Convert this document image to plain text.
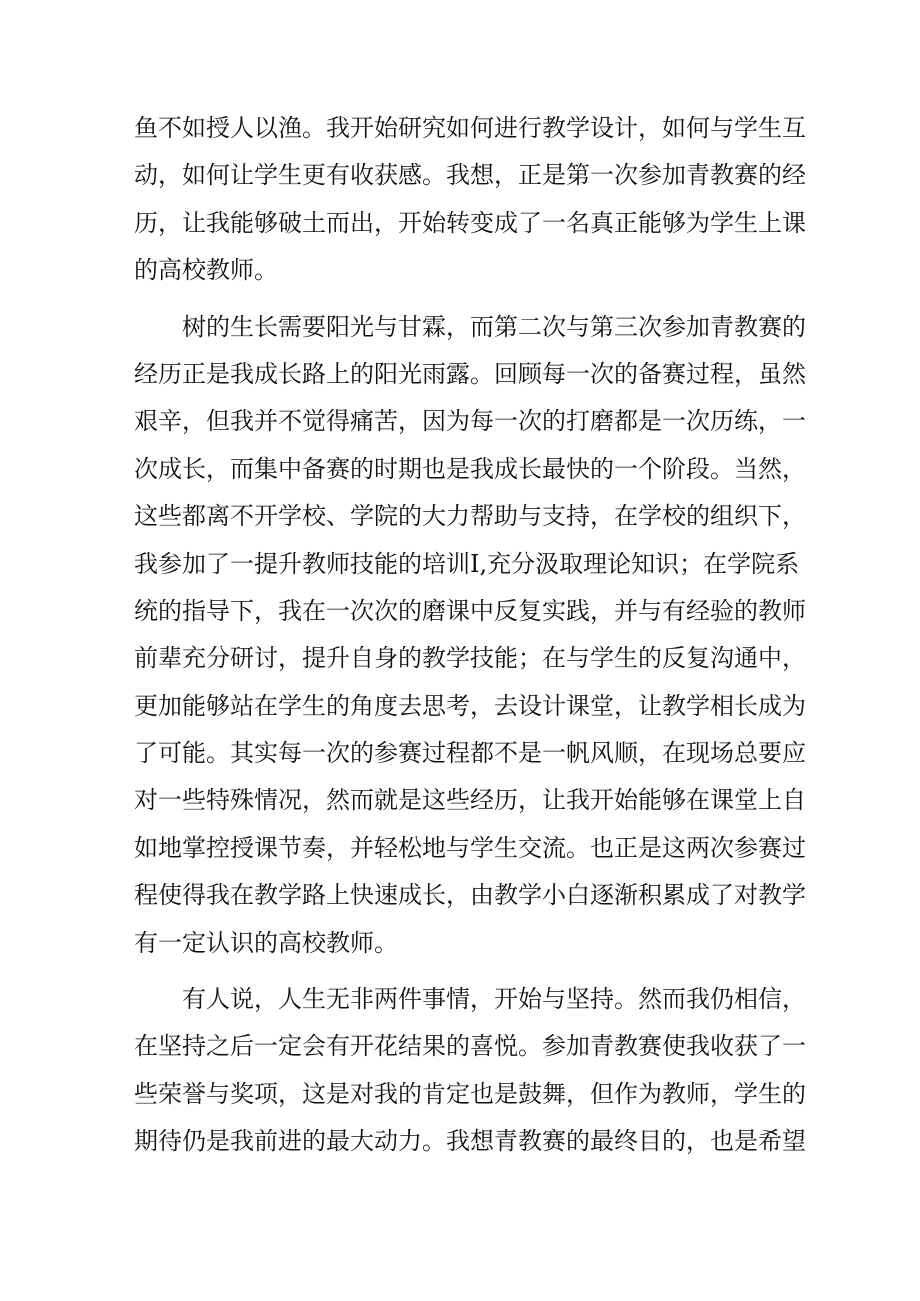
鱼不如授人以渔。我开始研究如何进行教学设计，如何与学生互
动，如何让学生更有收获感。我想，正是第一次参加青教赛的经
历，让我能够破土而出，开始转变成了一名真正能够为学生上课
的高校教师。
树的生长需要阳光与甘霖，而第二次与第三次参加青教赛的
经历正是我成长路上的阳光雨露。回顾每一次的备赛过程，虽然
艰辛，但我并不觉得痛苦，因为每一次的打磨都是一次历练，一
次成长，而集中备赛的时期也是我成长最快的一个阶段。当然，
这些都离不开学校、学院的大力帮助与支持，在学校的组织下，
我参加了一提升教师技能的培训I,充分汲取理论知识；在学院系
统的指导下，我在一次次的磨课中反复实践，并与有经验的教师
前辈充分研讨，提升自身的教学技能；在与学生的反复沟通中，
更加能够站在学生的角度去思考，去设计课堂，让教学相长成为
了可能。其实每一次的参赛过程都不是一帆风顺，在现场总要应
对一些特殊情况，然而就是这些经历，让我开始能够在课堂上自
如地掌控授课节奏，并轻松地与学生交流。也正是这两次参赛过
程使得我在教学路上快速成长，由教学小白逐渐积累成了对教学
有一定认识的高校教师。
有人说，人生无非两件事情，开始与坚持。然而我仍相信，
在坚持之后一定会有开花结果的喜悦。参加青教赛使我收获了一
些荣誉与奖项，这是对我的肯定也是鼓舞，但作为教师，学生的
期待仍是我前进的最大动力。我想青教赛的最终目的，也是希望
